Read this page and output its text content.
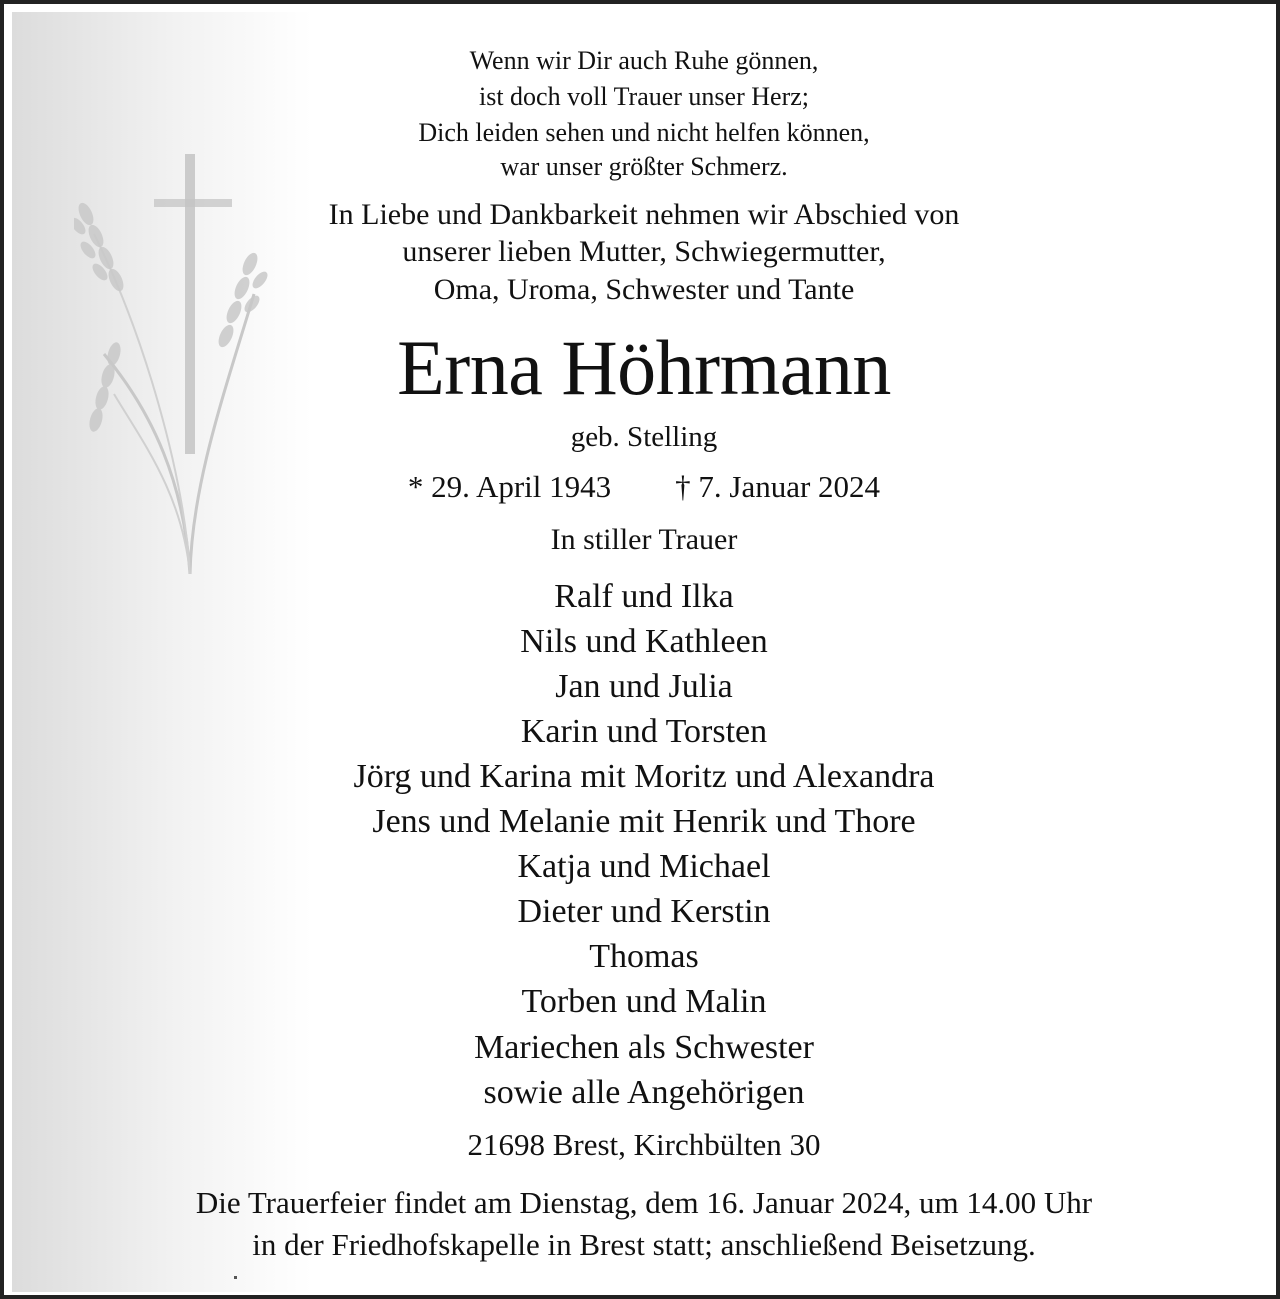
Wenn wir Dir auch Ruhe gönnen,
ist doch voll Trauer unser Herz;
Dich leiden sehen und nicht helfen können,
war unser größter Schmerz.
In Liebe und Dankbarkeit nehmen wir Abschied von
unserer lieben Mutter, Schwiegermutter,
Oma, Uroma, Schwester und Tante
Erna Höhrmann
geb. Stelling
* 29. April 1943 † 7. Januar 2024
In stiller Trauer
Ralf und Ilka
Nils und Kathleen
Jan und Julia
Karin und Torsten
Jörg und Karina mit Moritz und Alexandra
Jens und Melanie mit Henrik und Thore
Katja und Michael
Dieter und Kerstin
Thomas
Torben und Malin
Mariechen als Schwester
sowie alle Angehörigen
21698 Brest, Kirchbülten 30
Die Trauerfeier findet am Dienstag, dem 16. Januar 2024, um 14.00 Uhr
in der Friedhofskapelle in Brest statt; anschließend Beisetzung.
